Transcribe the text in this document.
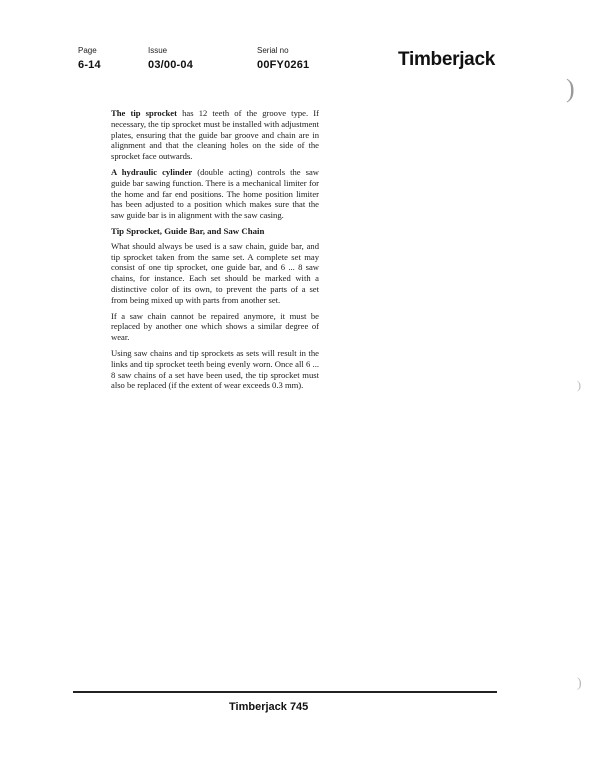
Page
6-14
Issue
03/00-04
Serial no
00FY0261	Timberjack

The tip sprocket has 12 teeth of the groove type. If necessary, the tip sprocket must be installed with adjustment plates, ensuring that the guide bar groove and chain are in alignment and that the cleaning holes on the side of the sprocket face outwards.

A hydraulic cylinder (double acting) controls the saw guide bar sawing function. There is a mechanical limiter for the home and far end positions. The home position limiter has been adjusted to a position which makes sure that the saw guide bar is in alignment with the saw casing.

Tip Sprocket, Guide Bar, and Saw Chain

What should always be used is a saw chain, guide bar, and tip sprocket taken from the same set. A complete set may consist of one tip sprocket, one guide bar, and 6 ... 8 saw chains, for instance. Each set should be marked with a distinctive color of its own, to prevent the parts of a set from being mixed up with parts from another set.

If a saw chain cannot be repaired anymore, it must be replaced by another one which shows a similar degree of wear.

Using saw chains and tip sprockets as sets will result in the links and tip sprocket teeth being evenly worn. Once all 6 ... 8 saw chains of a set have been used, the tip sprocket must also be replaced (if the extent of wear exceeds 0.3 mm).

)
)
)
Timberjack 745
